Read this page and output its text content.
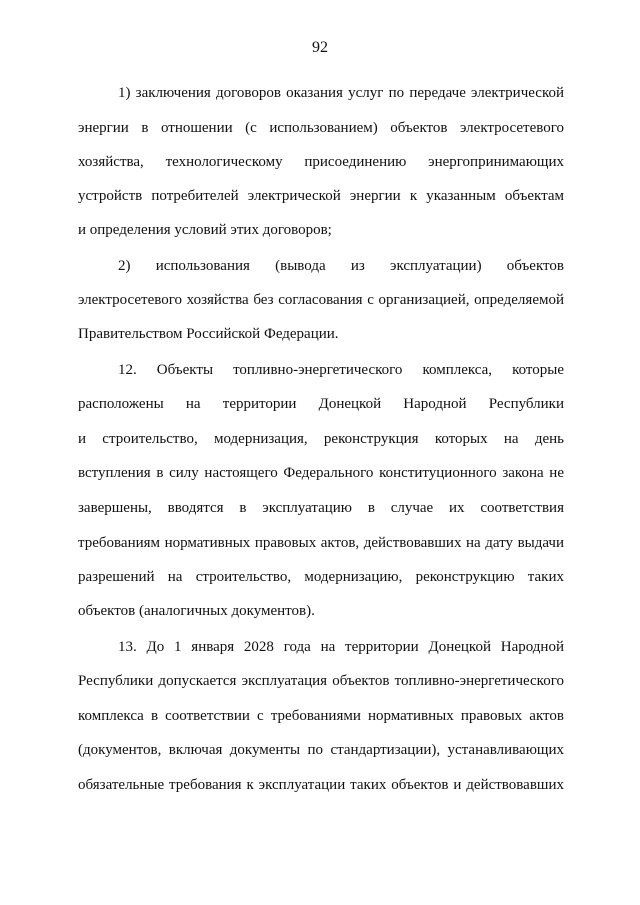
92
1) заключения договоров оказания услуг по передаче электрической
энергии в отношении (с использованием) объектов электросетевого
хозяйства, технологическому присоединению энергопринимающих
устройств потребителей электрической энергии к указанным объектам
и определения условий этих договоров;
2) использования (вывода из эксплуатации) объектов
электросетевого хозяйства без согласования с организацией, определяемой
Правительством Российской Федерации.
12. Объекты топливно-энергетического комплекса, которые
расположены на территории Донецкой Народной Республики
и строительство, модернизация, реконструкция которых на день
вступления в силу настоящего Федерального конституционного закона не
завершены, вводятся в эксплуатацию в случае их соответствия
требованиям нормативных правовых актов, действовавших на дату выдачи
разрешений на строительство, модернизацию, реконструкцию таких
объектов (аналогичных документов).
13. До 1 января 2028 года на территории Донецкой Народной
Республики допускается эксплуатация объектов топливно-энергетического
комплекса в соответствии с требованиями нормативных правовых актов
(документов, включая документы по стандартизации), устанавливающих
обязательные требования к эксплуатации таких объектов и действовавших
